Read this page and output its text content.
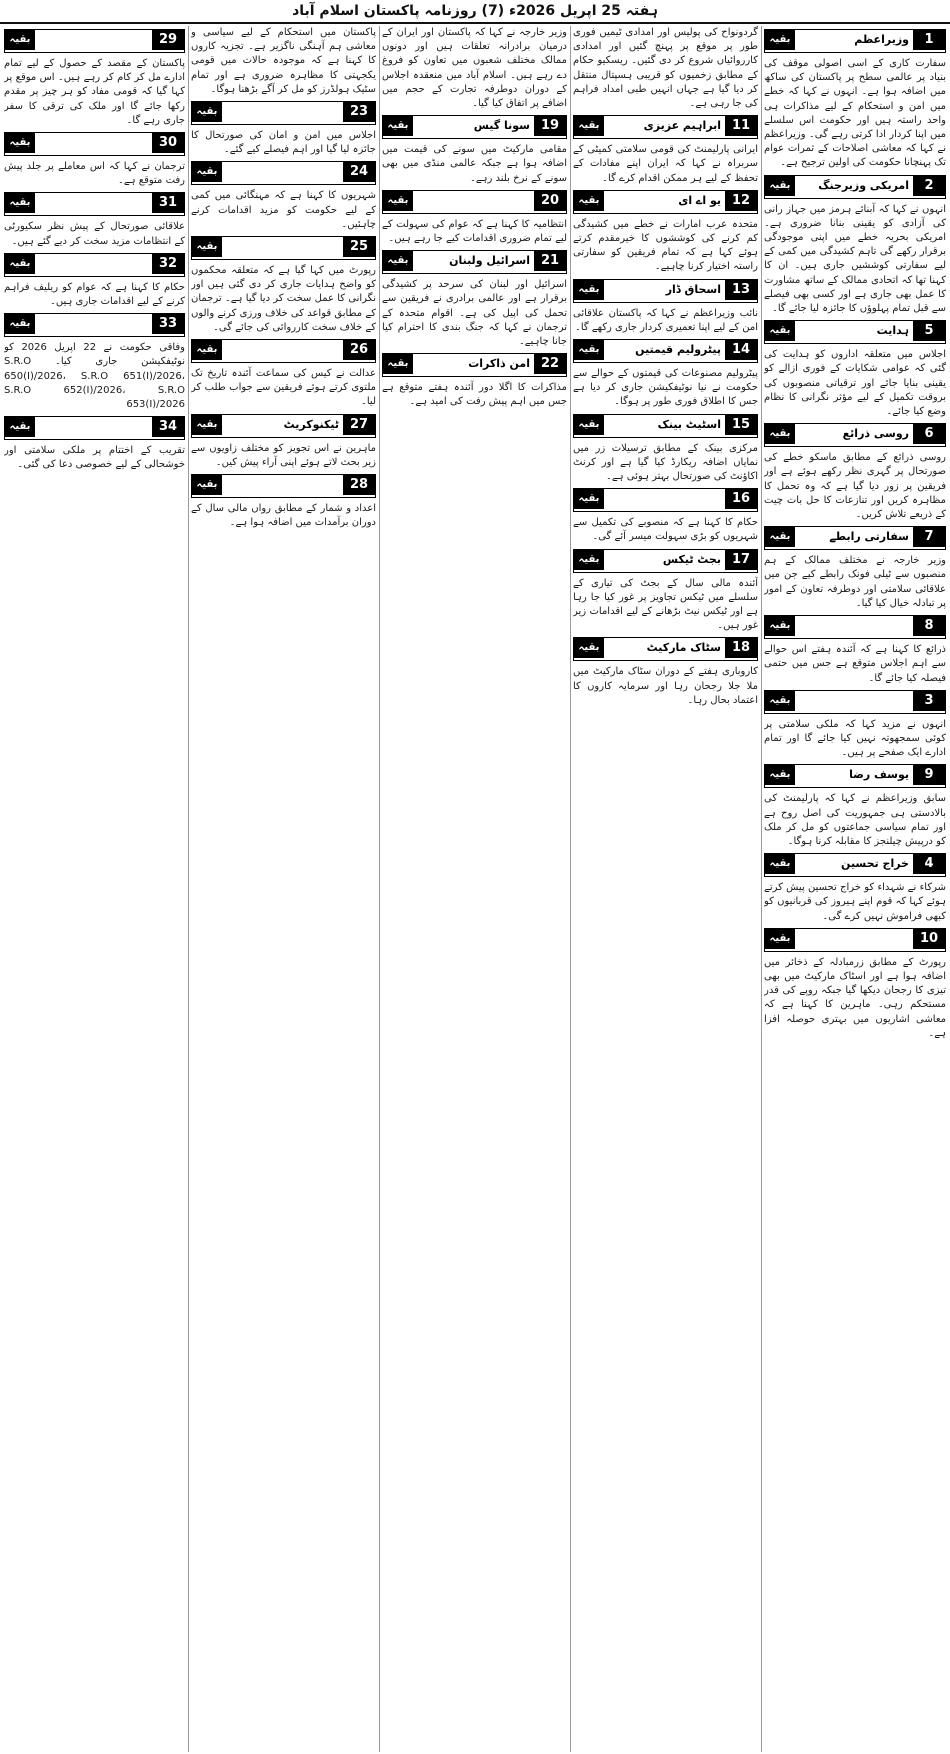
ہفتہ 25 اپریل 2026ء (7) روزنامہ پاکستان اسلام آباد
1
وزیراعظم
بقیہ

سفارت کاری کے اسی اصولی موقف کی بنیاد پر عالمی سطح پر پاکستان کی ساکھ میں اضافہ ہوا ہے۔ انہوں نے کہا کہ خطے میں امن و استحکام کے لیے مذاکرات ہی واحد راستہ ہیں اور حکومت اس سلسلے میں اپنا کردار ادا کرتی رہے گی۔ وزیراعظم نے کہا کہ معاشی اصلاحات کے ثمرات عوام تک پہنچانا حکومت کی اولین ترجیح ہے۔

2
امریکی وزیرجنگ
بقیہ

انہوں نے کہا کہ آبنائے ہرمز میں جہاز رانی کی آزادی کو یقینی بنانا ضروری ہے۔ امریکی بحریہ خطے میں اپنی موجودگی برقرار رکھے گی تاہم کشیدگی میں کمی کے لیے سفارتی کوششیں جاری ہیں۔ ان کا کہنا تھا کہ اتحادی ممالک کے ساتھ مشاورت کا عمل بھی جاری ہے اور کسی بھی فیصلے سے قبل تمام پہلوؤں کا جائزہ لیا جائے گا۔

5
ہدایت
بقیہ

اجلاس میں متعلقہ اداروں کو ہدایت کی گئی کہ عوامی شکایات کے فوری ازالے کو یقینی بنایا جائے اور ترقیاتی منصوبوں کی بروقت تکمیل کے لیے مؤثر نگرانی کا نظام وضع کیا جائے۔

6
روسی ذرائع
بقیہ

روسی ذرائع کے مطابق ماسکو خطے کی صورتحال پر گہری نظر رکھے ہوئے ہے اور فریقین پر زور دیا گیا ہے کہ وہ تحمل کا مظاہرہ کریں اور تنازعات کا حل بات چیت کے ذریعے تلاش کریں۔

7
سفارتی رابطے
بقیہ

وزیر خارجہ نے مختلف ممالک کے ہم منصبوں سے ٹیلی فونک رابطے کیے جن میں علاقائی سلامتی اور دوطرفہ تعاون کے امور پر تبادلہ خیال کیا گیا۔

8
بقیہ

ذرائع کا کہنا ہے کہ آئندہ ہفتے اس حوالے سے اہم اجلاس متوقع ہے جس میں حتمی فیصلہ کیا جائے گا۔

3
بقیہ

انہوں نے مزید کہا کہ ملکی سلامتی پر کوئی سمجھوتہ نہیں کیا جائے گا اور تمام ادارے ایک صفحے پر ہیں۔

9
یوسف رضا
بقیہ

سابق وزیراعظم نے کہا کہ پارلیمنٹ کی بالادستی ہی جمہوریت کی اصل روح ہے اور تمام سیاسی جماعتوں کو مل کر ملک کو درپیش چیلنجز کا مقابلہ کرنا ہوگا۔

4
خراج تحسین
بقیہ

شرکاء نے شہداء کو خراج تحسین پیش کرتے ہوئے کہا کہ قوم اپنے ہیروز کی قربانیوں کو کبھی فراموش نہیں کرے گی۔

10
بقیہ

رپورٹ کے مطابق زرمبادلہ کے ذخائر میں اضافہ ہوا ہے اور اسٹاک مارکیٹ میں بھی تیزی کا رجحان دیکھا گیا جبکہ روپے کی قدر مستحکم رہی۔ ماہرین کا کہنا ہے کہ معاشی اشاریوں میں بہتری حوصلہ افزا ہے۔

گردونواح کی پولیس اور امدادی ٹیمیں فوری طور پر موقع پر پہنچ گئیں اور امدادی کارروائیاں شروع کر دی گئیں۔ ریسکیو حکام کے مطابق زخمیوں کو قریبی ہسپتال منتقل کر دیا گیا ہے جہاں انہیں طبی امداد فراہم کی جا رہی ہے۔

11
ابراہیم عزیزی
بقیہ

ایرانی پارلیمنٹ کی قومی سلامتی کمیٹی کے سربراہ نے کہا کہ ایران اپنے مفادات کے تحفظ کے لیے ہر ممکن اقدام کرے گا۔

12
یو اے ای
بقیہ

متحدہ عرب امارات نے خطے میں کشیدگی کم کرنے کی کوششوں کا خیرمقدم کرتے ہوئے کہا ہے کہ تمام فریقین کو سفارتی راستہ اختیار کرنا چاہیے۔

13
اسحاق ڈار
بقیہ

نائب وزیراعظم نے کہا کہ پاکستان علاقائی امن کے لیے اپنا تعمیری کردار جاری رکھے گا۔

14
پیٹرولیم قیمتیں
بقیہ

پیٹرولیم مصنوعات کی قیمتوں کے حوالے سے حکومت نے نیا نوٹیفکیشن جاری کر دیا ہے جس کا اطلاق فوری طور پر ہوگا۔

15
اسٹیٹ بینک
بقیہ

مرکزی بینک کے مطابق ترسیلات زر میں نمایاں اضافہ ریکارڈ کیا گیا ہے اور کرنٹ اکاؤنٹ کی صورتحال بہتر ہوئی ہے۔

16
بقیہ

حکام کا کہنا ہے کہ منصوبے کی تکمیل سے شہریوں کو بڑی سہولت میسر آئے گی۔

17
بجٹ ٹیکس
بقیہ

آئندہ مالی سال کے بجٹ کی تیاری کے سلسلے میں ٹیکس تجاویز پر غور کیا جا رہا ہے اور ٹیکس نیٹ بڑھانے کے لیے اقدامات زیر غور ہیں۔

18
سٹاک مارکیٹ
بقیہ

کاروباری ہفتے کے دوران سٹاک مارکیٹ میں ملا جلا رجحان رہا اور سرمایہ کاروں کا اعتماد بحال رہا۔

وزیر خارجہ نے کہا کہ پاکستان اور ایران کے درمیان برادرانہ تعلقات ہیں اور دونوں ممالک مختلف شعبوں میں تعاون کو فروغ دے رہے ہیں۔ اسلام آباد میں منعقدہ اجلاس کے دوران دوطرفہ تجارت کے حجم میں اضافے پر اتفاق کیا گیا۔

19
سونا گیس
بقیہ

مقامی مارکیٹ میں سونے کی قیمت میں اضافہ ہوا ہے جبکہ عالمی منڈی میں بھی سونے کے نرخ بلند رہے۔

20
بقیہ

انتظامیہ کا کہنا ہے کہ عوام کی سہولت کے لیے تمام ضروری اقدامات کیے جا رہے ہیں۔

21
اسرائیل ولبنان
بقیہ

اسرائیل اور لبنان کی سرحد پر کشیدگی برقرار ہے اور عالمی برادری نے فریقین سے تحمل کی اپیل کی ہے۔ اقوام متحدہ کے ترجمان نے کہا کہ جنگ بندی کا احترام کیا جانا چاہیے۔

22
امن ذاکرات
بقیہ

مذاکرات کا اگلا دور آئندہ ہفتے متوقع ہے جس میں اہم پیش رفت کی امید ہے۔

پاکستان میں استحکام کے لیے سیاسی و معاشی ہم آہنگی ناگزیر ہے۔ تجزیہ کاروں کا کہنا ہے کہ موجودہ حالات میں قومی یکجہتی کا مظاہرہ ضروری ہے اور تمام سٹیک ہولڈرز کو مل کر آگے بڑھنا ہوگا۔

23
بقیہ

اجلاس میں امن و امان کی صورتحال کا جائزہ لیا گیا اور اہم فیصلے کیے گئے۔

24
بقیہ

شہریوں کا کہنا ہے کہ مہنگائی میں کمی کے لیے حکومت کو مزید اقدامات کرنے چاہئیں۔

25
بقیہ

رپورٹ میں کہا گیا ہے کہ متعلقہ محکموں کو واضح ہدایات جاری کر دی گئی ہیں اور نگرانی کا عمل سخت کر دیا گیا ہے۔ ترجمان کے مطابق قواعد کی خلاف ورزی کرنے والوں کے خلاف سخت کارروائی کی جائے گی۔

26
بقیہ

عدالت نے کیس کی سماعت آئندہ تاریخ تک ملتوی کرتے ہوئے فریقین سے جواب طلب کر لیا۔

27
ٹیکنوکریٹ
بقیہ

ماہرین نے اس تجویز کو مختلف زاویوں سے زیر بحث لاتے ہوئے اپنی آراء پیش کیں۔

28
بقیہ

اعداد و شمار کے مطابق رواں مالی سال کے دوران برآمدات میں اضافہ ہوا ہے۔

29
بقیہ

پاکستان کے مقصد کے حصول کے لیے تمام ادارے مل کر کام کر رہے ہیں۔ اس موقع پر کہا گیا کہ قومی مفاد کو ہر چیز پر مقدم رکھا جائے گا اور ملک کی ترقی کا سفر جاری رہے گا۔

30
بقیہ

ترجمان نے کہا کہ اس معاملے پر جلد پیش رفت متوقع ہے۔

31
بقیہ

علاقائی صورتحال کے پیش نظر سکیورٹی کے انتظامات مزید سخت کر دیے گئے ہیں۔

32
بقیہ

حکام کا کہنا ہے کہ عوام کو ریلیف فراہم کرنے کے لیے اقدامات جاری ہیں۔

33
بقیہ

وفاقی حکومت نے 22 اپریل 2026 کو نوٹیفکیشن جاری کیا۔ S.R.O 650(I)/2026، S.R.O 651(I)/2026، S.R.O 652(I)/2026، S.R.O 653(I)/2026

34
بقیہ

تقریب کے اختتام پر ملکی سلامتی اور خوشحالی کے لیے خصوصی دعا کی گئی۔
